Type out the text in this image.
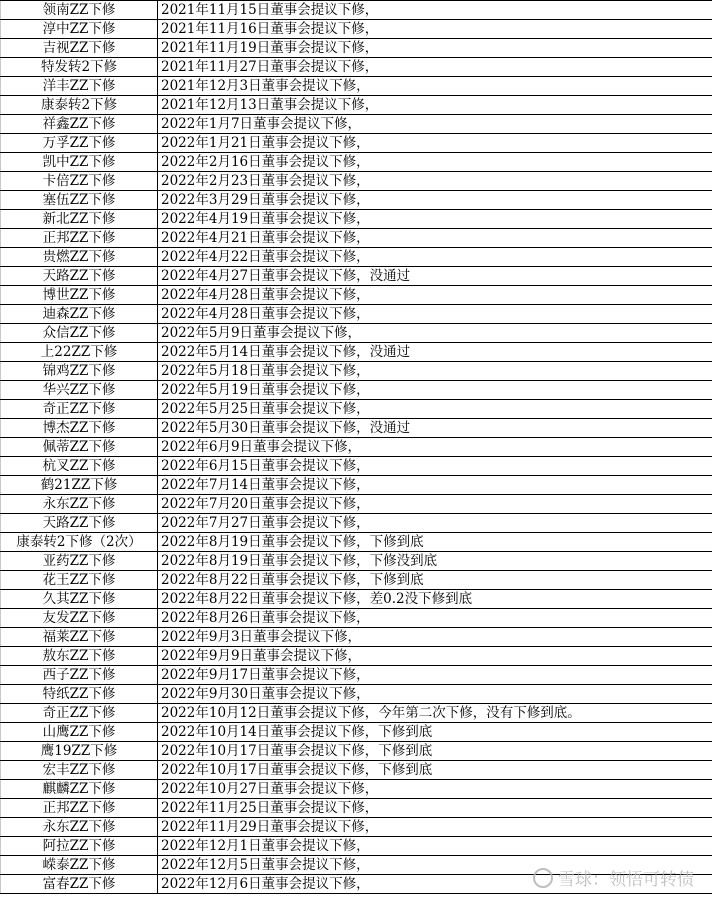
领南ZZ下修	2021年11月15日董事会提议下修，
淳中ZZ下修	2021年11月16日董事会提议下修，
吉视ZZ下修	2021年11月19日董事会提议下修，
特发转2下修	2021年11月27日董事会提议下修，
洋丰ZZ下修	2021年12月3日董事会提议下修，
康泰转2下修	2021年12月13日董事会提议下修，
祥鑫ZZ下修	2022年1月7日董事会提议下修，
万孚ZZ下修	2022年1月21日董事会提议下修，
凯中ZZ下修	2022年2月16日董事会提议下修，
卡倍ZZ下修	2022年2月23日董事会提议下修，
塞伍ZZ下修	2022年3月29日董事会提议下修，
新北ZZ下修	2022年4月19日董事会提议下修，
正邦ZZ下修	2022年4月21日董事会提议下修，
贵燃ZZ下修	2022年4月22日董事会提议下修，
天路ZZ下修	2022年4月27日董事会提议下修，没通过
博世ZZ下修	2022年4月28日董事会提议下修，
迪森ZZ下修	2022年4月28日董事会提议下修，
众信ZZ下修	2022年5月9日董事会提议下修，
上22ZZ下修	2022年5月14日董事会提议下修，没通过
锦鸡ZZ下修	2022年5月18日董事会提议下修，
华兴ZZ下修	2022年5月19日董事会提议下修，
奇正ZZ下修	2022年5月25日董事会提议下修，
博杰ZZ下修	2022年5月30日董事会提议下修，没通过
佩蒂ZZ下修	2022年6月9日董事会提议下修，
杭叉ZZ下修	2022年6月15日董事会提议下修，
鹤21ZZ下修	2022年7月14日董事会提议下修，
永东ZZ下修	2022年7月20日董事会提议下修，
天路ZZ下修	2022年7月27日董事会提议下修，
康泰转2下修（2次）	2022年8月19日董事会提议下修，下修到底
亚药ZZ下修	2022年8月19日董事会提议下修，下修没到底
花王ZZ下修	2022年8月22日董事会提议下修，下修到底
久其ZZ下修	2022年8月22日董事会提议下修，差0.2没下修到底
友发ZZ下修	2022年8月26日董事会提议下修，
福莱ZZ下修	2022年9月3日董事会提议下修，
敖东ZZ下修	2022年9月9日董事会提议下修，
西子ZZ下修	2022年9月17日董事会提议下修，
特纸ZZ下修	2022年9月30日董事会提议下修，
奇正ZZ下修	2022年10月12日董事会提议下修，今年第二次下修，没有下修到底。
山鹰ZZ下修	2022年10月14日董事会提议下修，下修到底
鹰19ZZ下修	2022年10月17日董事会提议下修，下修到底
宏丰ZZ下修	2022年10月17日董事会提议下修，下修到底
麒麟ZZ下修	2022年10月27日董事会提议下修，
正邦ZZ下修	2022年11月25日董事会提议下修，
永东ZZ下修	2022年11月29日董事会提议下修，
阿拉ZZ下修	2022年12月1日董事会提议下修，
嵘泰ZZ下修	2022年12月5日董事会提议下修，
富春ZZ下修	2022年12月6日董事会提议下修，	雪球：领悟可转债
